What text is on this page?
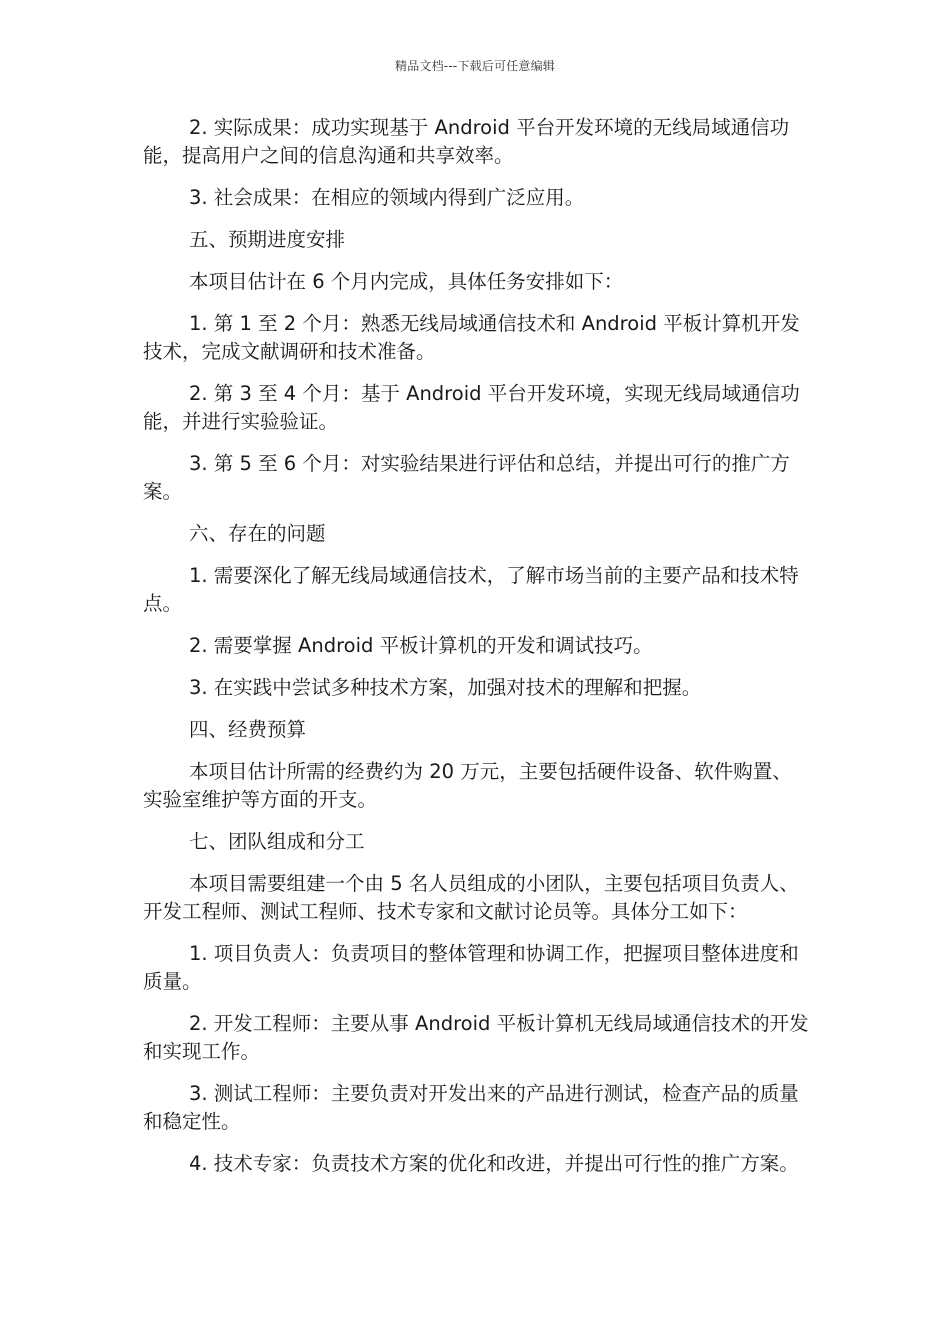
精品文档---下载后可任意编辑

2. 实际成果：成功实现基于 Android 平台开发环境的无线局域通信功能，提高用户之间的信息沟通和共享效率。

3. 社会成果：在相应的领域内得到广泛应用。

五、预期进度安排

本项目估计在 6 个月内完成，具体任务安排如下：

1. 第 1 至 2 个月：熟悉无线局域通信技术和 Android 平板计算机开发技术，完成文献调研和技术准备。

2. 第 3 至 4 个月：基于 Android 平台开发环境，实现无线局域通信功能，并进行实验验证。

3. 第 5 至 6 个月：对实验结果进行评估和总结，并提出可行的推广方案。

六、存在的问题

1. 需要深化了解无线局域通信技术，了解市场当前的主要产品和技术特点。

2. 需要掌握 Android 平板计算机的开发和调试技巧。

3. 在实践中尝试多种技术方案，加强对技术的理解和把握。

四、经费预算

本项目估计所需的经费约为 20 万元，主要包括硬件设备、软件购置、实验室维护等方面的开支。

七、团队组成和分工

本项目需要组建一个由 5 名人员组成的小团队，主要包括项目负责人、开发工程师、测试工程师、技术专家和文献讨论员等。具体分工如下：

1. 项目负责人：负责项目的整体管理和协调工作，把握项目整体进度和质量。

2. 开发工程师：主要从事 Android 平板计算机无线局域通信技术的开发和实现工作。

3. 测试工程师：主要负责对开发出来的产品进行测试，检查产品的质量和稳定性。

4. 技术专家：负责技术方案的优化和改进，并提出可行性的推广方案。
